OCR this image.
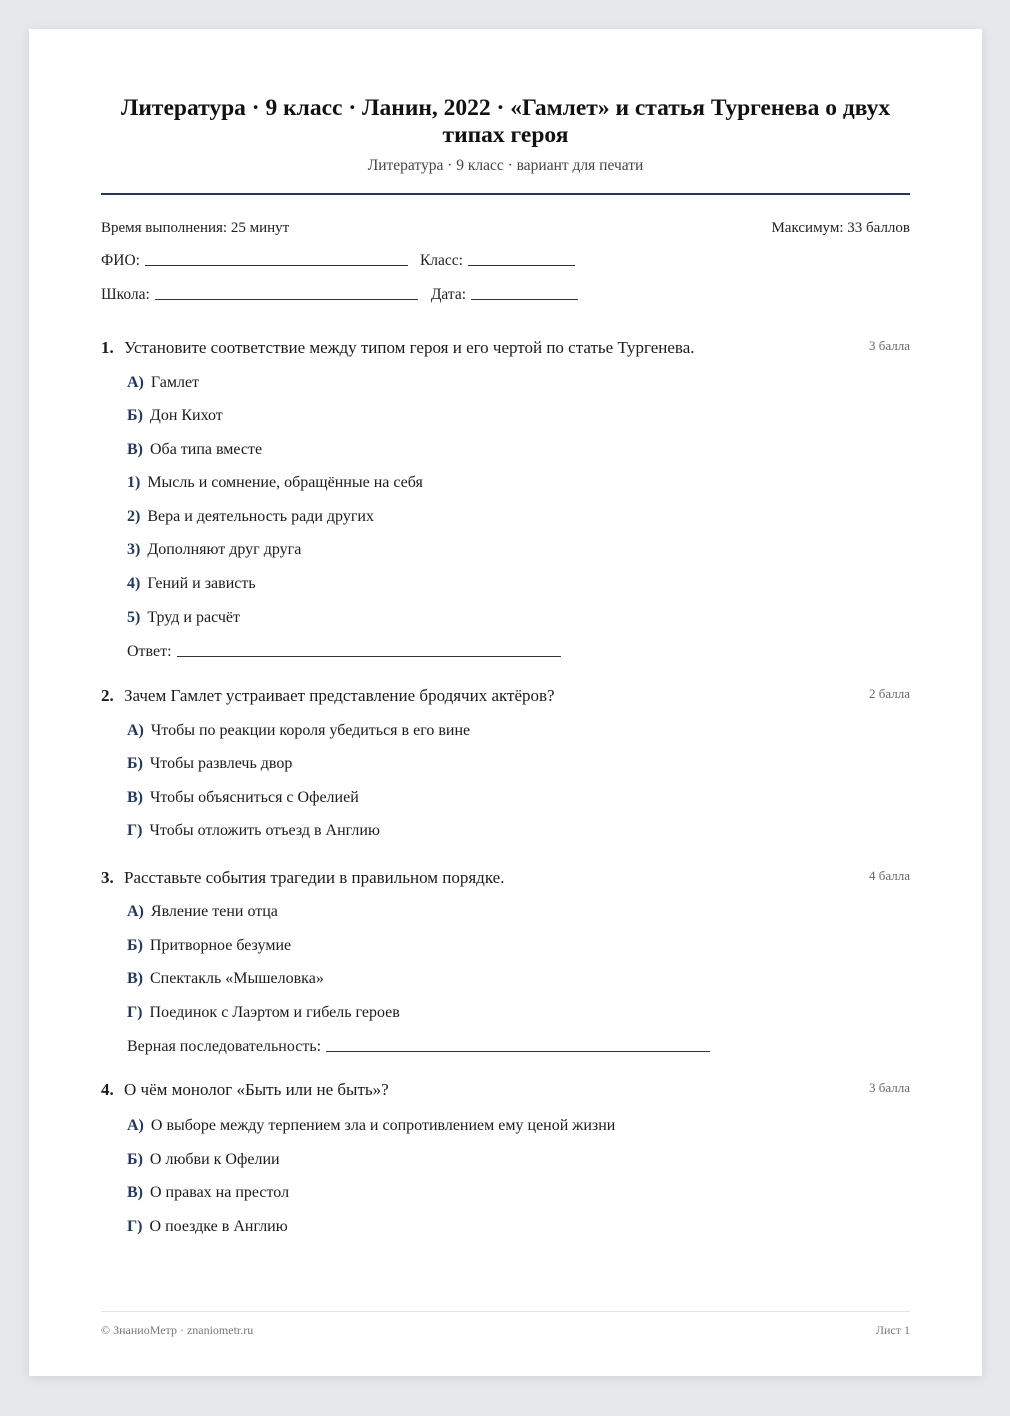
Литература · 9 класс · Ланин, 2022 · «Гамлет» и статья Тургенева о двух типах героя
Литература · 9 класс · вариант для печати
Время выполнения: 25 минут	Максимум: 33 баллов
ФИО:	Класс:
Школа:	Дата:
1. Установите соответствие между типом героя и его чертой по статье Тургенева.	3 балла
А) Гамлет
Б) Дон Кихот
В) Оба типа вместе
1) Мысль и сомнение, обращённые на себя
2) Вера и деятельность ради других
3) Дополняют друг друга
4) Гений и зависть
5) Труд и расчёт
Ответ:
2. Зачем Гамлет устраивает представление бродячих актёров?	2 балла
А) Чтобы по реакции короля убедиться в его вине
Б) Чтобы развлечь двор
В) Чтобы объясниться с Офелией
Г) Чтобы отложить отъезд в Англию
3. Расставьте события трагедии в правильном порядке.	4 балла
А) Явление тени отца
Б) Притворное безумие
В) Спектакль «Мышеловка»
Г) Поединок с Лаэртом и гибель героев
Верная последовательность:
4. О чём монолог «Быть или не быть»?	3 балла
А) О выборе между терпением зла и сопротивлением ему ценой жизни
Б) О любви к Офелии
В) О правах на престол
Г) О поездке в Англию
© ЗнаниоМетр · znaniometr.ru	Лист 1
